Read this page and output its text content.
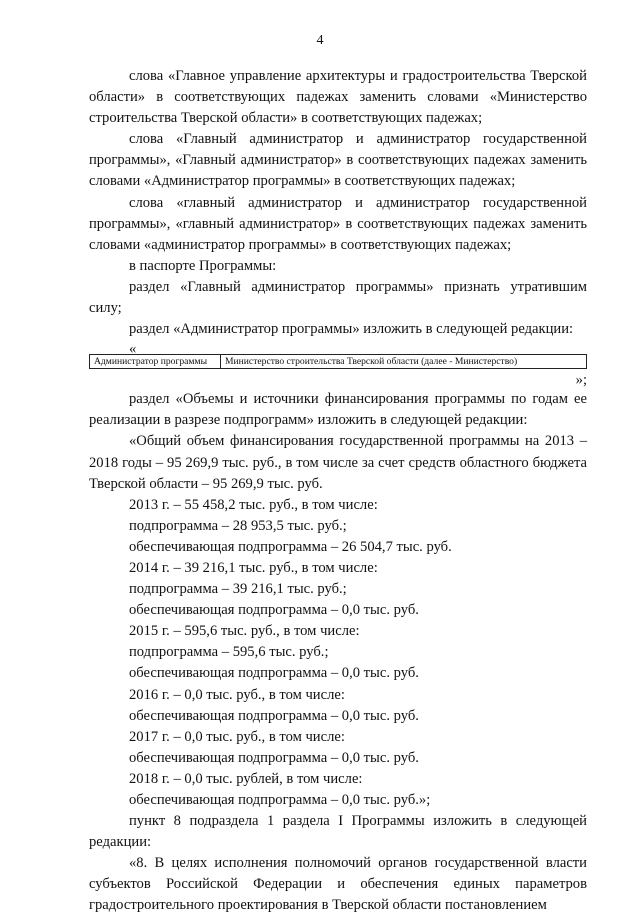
4

слова «Главное управление архитектуры и градостроительства Тверской области» в соответствующих падежах заменить словами «Министерство строительства Тверской области» в соответствующих падежах;

слова «Главный администратор и администратор государственной программы», «Главный администратор» в соответствующих падежах заменить словами «Администратор программы» в соответствующих падежах;

слова «главный администратор и администратор государственной программы», «главный администратор» в соответствующих падежах заменить словами «администратор программы» в соответствующих падежах;

в паспорте Программы:

раздел «Главный администратор программы» признать утратившим силу;

раздел «Администратор программы» изложить в следующей редакции:

«
Администратор программы	Министерство строительства Тверской области (далее - Министерство)
»;

раздел «Объемы и источники финансирования программы по годам ее реализации в разрезе подпрограмм» изложить в следующей редакции:

«Общий объем финансирования государственной программы на 2013 – 2018 годы – 95 269,9 тыс. руб., в том числе за счет средств областного бюджета Тверской области – 95 269,9 тыс. руб.

2013 г. – 55 458,2 тыс. руб., в том числе:
подпрограмма – 28 953,5 тыс. руб.;
обеспечивающая подпрограмма – 26 504,7 тыс. руб.
2014 г. – 39 216,1 тыс. руб., в том числе:
подпрограмма – 39 216,1 тыс. руб.;
обеспечивающая подпрограмма – 0,0 тыс. руб.
2015 г. – 595,6 тыс. руб., в том числе:
подпрограмма – 595,6 тыс. руб.;
обеспечивающая подпрограмма – 0,0 тыс. руб.
2016 г. – 0,0 тыс. руб., в том числе:
обеспечивающая подпрограмма – 0,0 тыс. руб.
2017 г. – 0,0 тыс. руб., в том числе:
обеспечивающая подпрограмма – 0,0 тыс. руб.
2018 г. – 0,0 тыс. рублей, в том числе:
обеспечивающая подпрограмма – 0,0 тыс. руб.»;

пункт 8 подраздела 1 раздела I Программы изложить в следующей редакции:

«8. В целях исполнения полномочий органов государственной власти субъектов Российской Федерации и обеспечения единых параметров градостроительного проектирования в Тверской области постановлением
